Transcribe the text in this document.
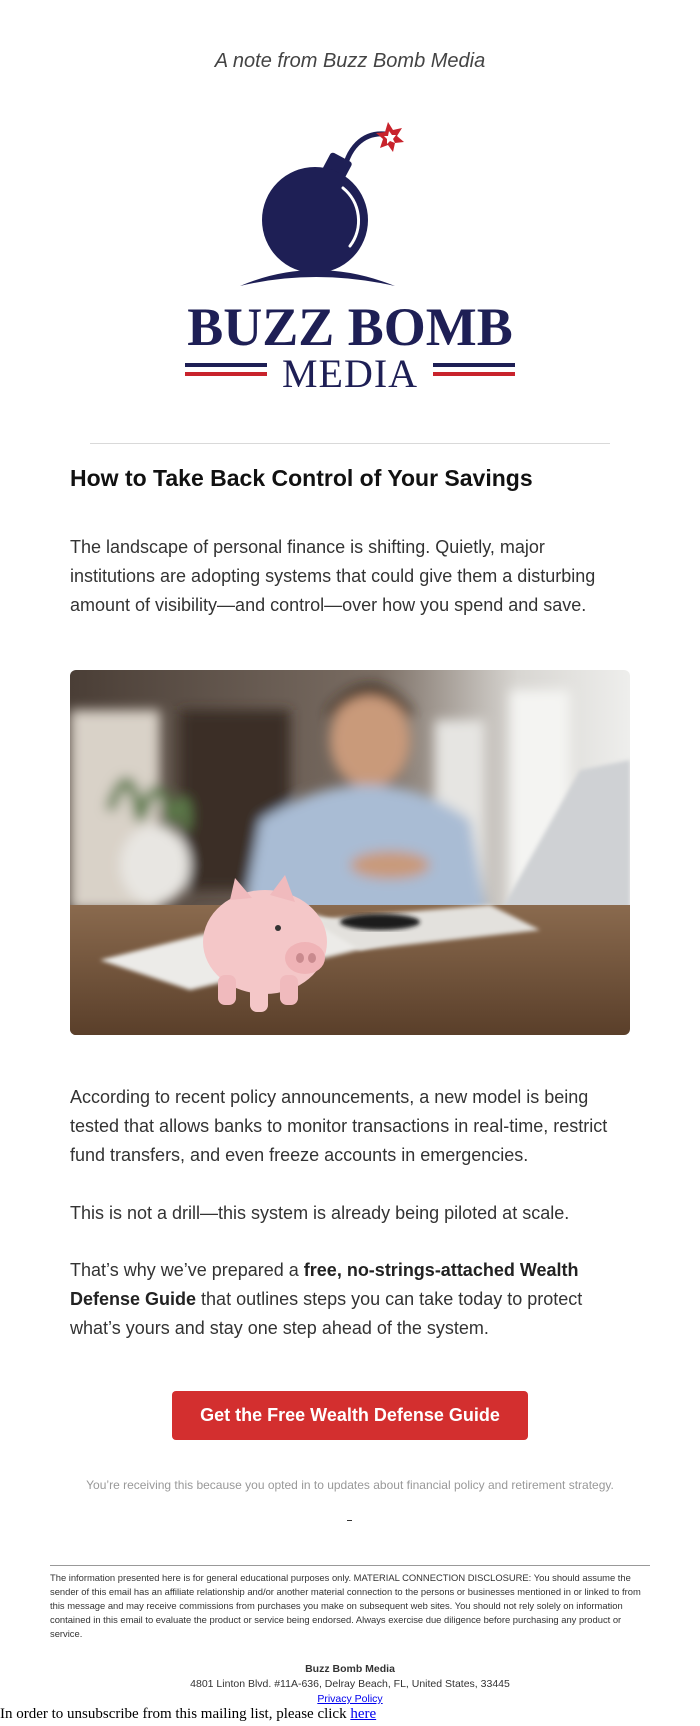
A note from Buzz Bomb Media
BUZZ BOMB
MEDIA
How to Take Back Control of Your Savings

The landscape of personal finance is shifting. Quietly, major institutions are adopting systems that could give them a disturbing amount of visibility—and control—over how you spend and save.

According to recent policy announcements, a new model is being tested that allows banks to monitor transactions in real-time, restrict fund transfers, and even freeze accounts in emergencies.

This is not a drill—this system is already being piloted at scale.

That’s why we’ve prepared a free, no-strings-attached Wealth Defense Guide that outlines steps you can take today to protect what’s yours and stay one step ahead of the system.

Get the Free Wealth Defense Guide
You’re receiving this because you opted in to updates about financial policy and retirement strategy.

The information presented here is for general educational purposes only. MATERIAL CONNECTION DISCLOSURE: You should assume the sender of this email has an affiliate relationship and/or another material connection to the persons or businesses mentioned in or linked to from this message and may receive commissions from purchases you make on subsequent web sites. You should not rely solely on information contained in this email to evaluate the product or service being endorsed. Always exercise due diligence before purchasing any product or service.

Buzz Bomb Media
4801 Linton Blvd. #11A-636, Delray Beach, FL, United States, 33445
Privacy Policy
In order to unsubscribe from this mailing list, please click here
